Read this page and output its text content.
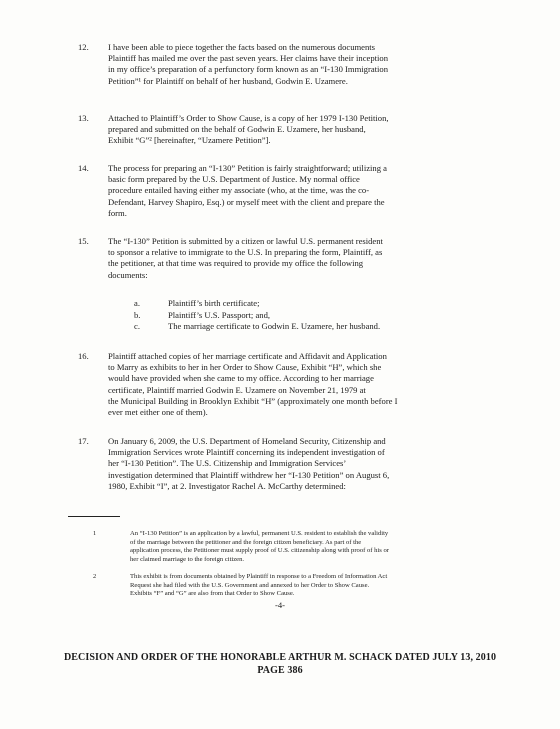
12. I have been able to piece together the facts based on the numerous documents

Plaintiff has mailed me over the past seven years. Her claims have their inception

in my office’s preparation of a perfunctory form known as an “I-130 Immigration

Petition”¹ for Plaintiff on behalf of her husband, Godwin E. Uzamere.

13. Attached to Plaintiff’s Order to Show Cause, is a copy of her 1979 I-130 Petition,

prepared and submitted on the behalf of Godwin E. Uzamere, her husband,

Exhibit “G”² [hereinafter, “Uzamere Petition”].

14. The process for preparing an “I-130” Petition is fairly straightforward; utilizing a

basic form prepared by the U.S. Department of Justice. My normal office

procedure entailed having either my associate (who, at the time, was the co-

Defendant, Harvey Shapiro, Esq.) or myself meet with the client and prepare the

form.

15. The “I-130” Petition is submitted by a citizen or lawful U.S. permanent resident

to sponsor a relative to immigrate to the U.S. In preparing the form, Plaintiff, as

the petitioner, at that time was required to provide my office the following

documents:

a.	Plaintiff’s birth certificate;
b.	Plaintiff’s U.S. Passport; and,
c.	The marriage certificate to Godwin E. Uzamere, her husband.
16. Plaintiff attached copies of her marriage certificate and Affidavit and Application

to Marry as exhibits to her in her Order to Show Cause, Exhibit “H”, which she

would have provided when she came to my office. According to her marriage

certificate, Plaintiff married Godwin E. Uzamere on November 21, 1979 at

the Municipal Building in Brooklyn Exhibit “H” (approximately one month before I

ever met either one of them).

17. On January 6, 2009, the U.S. Department of Homeland Security, Citizenship and

Immigration Services wrote Plaintiff concerning its independent investigation of

her “I-130 Petition”. The U.S. Citizenship and Immigration Services’

investigation determined that Plaintiff withdrew her “I-130 Petition” on August 6,

1980, Exhibit “I”, at 2. Investigator Rachel A. McCarthy determined:

1	An “I-130 Petition” is an application by a lawful, permanent U.S. resident to establish the validity
of the marriage between the petitioner and the foreign citizen beneficiary. As part of the
application process, the Petitioner must supply proof of U.S. citizenship along with proof of his or
her claimed marriage to the foreign citizen.
2	This exhibit is from documents obtained by Plaintiff in response to a Freedom of Information Act
Request she had filed with the U.S. Government and annexed to her Order to Show Cause.
Exhibits “F” and “G” are also from that Order to Show Cause.
-4-
DECISION AND ORDER OF THE HONORABLE ARTHUR M. SCHACK DATED JULY 13, 2010
PAGE 386
